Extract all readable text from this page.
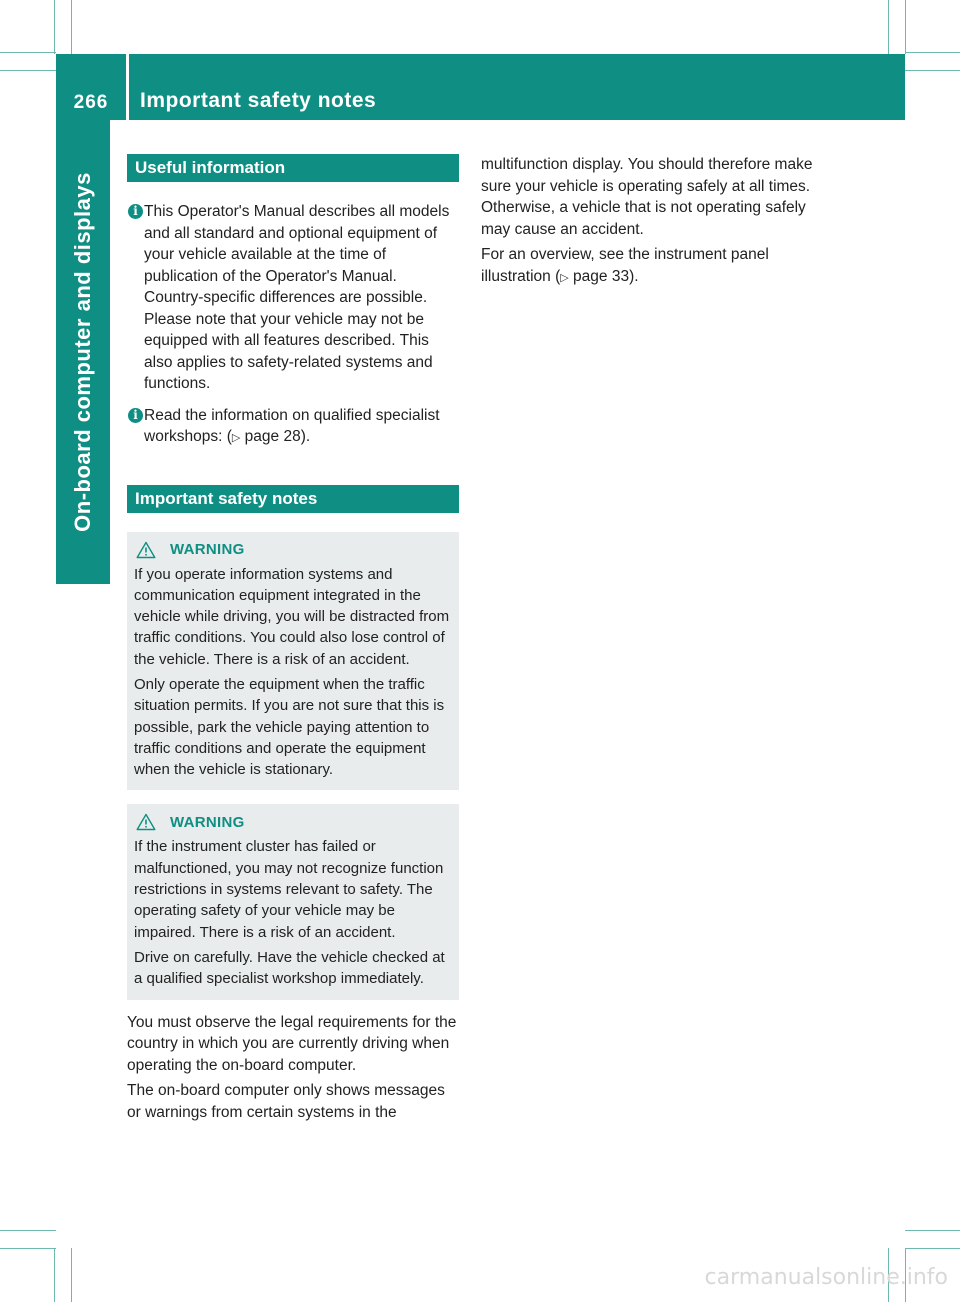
266	Important safety notes
On-board computer and displays
Useful information
i This Operator's Manual describes all models and all standard and optional equipment of your vehicle available at the time of publication of the Operator's Manual. Country-specific differences are possible. Please note that your vehicle may not be equipped with all features described. This also applies to safety-related systems and functions.
i Read the information on qualified specialist workshops: (▷ page 28).
Important safety notes
WARNING

If you operate information systems and communication equipment integrated in the vehicle while driving, you will be distracted from traffic conditions. You could also lose control of the vehicle. There is a risk of an accident.

Only operate the equipment when the traffic situation permits. If you are not sure that this is possible, park the vehicle paying attention to traffic conditions and operate the equipment when the vehicle is stationary.

WARNING

If the instrument cluster has failed or malfunctioned, you may not recognize function restrictions in systems relevant to safety. The operating safety of your vehicle may be impaired. There is a risk of an accident.

Drive on carefully. Have the vehicle checked at a qualified specialist workshop immediately.

You must observe the legal requirements for the country in which you are currently driving when operating the on-board computer.

The on-board computer only shows messages or warnings from certain systems in the

multifunction display. You should therefore make sure your vehicle is operating safely at all times. Otherwise, a vehicle that is not operating safely may cause an accident.

For an overview, see the instrument panel illustration (▷ page 33).

carmanualsonline.info
